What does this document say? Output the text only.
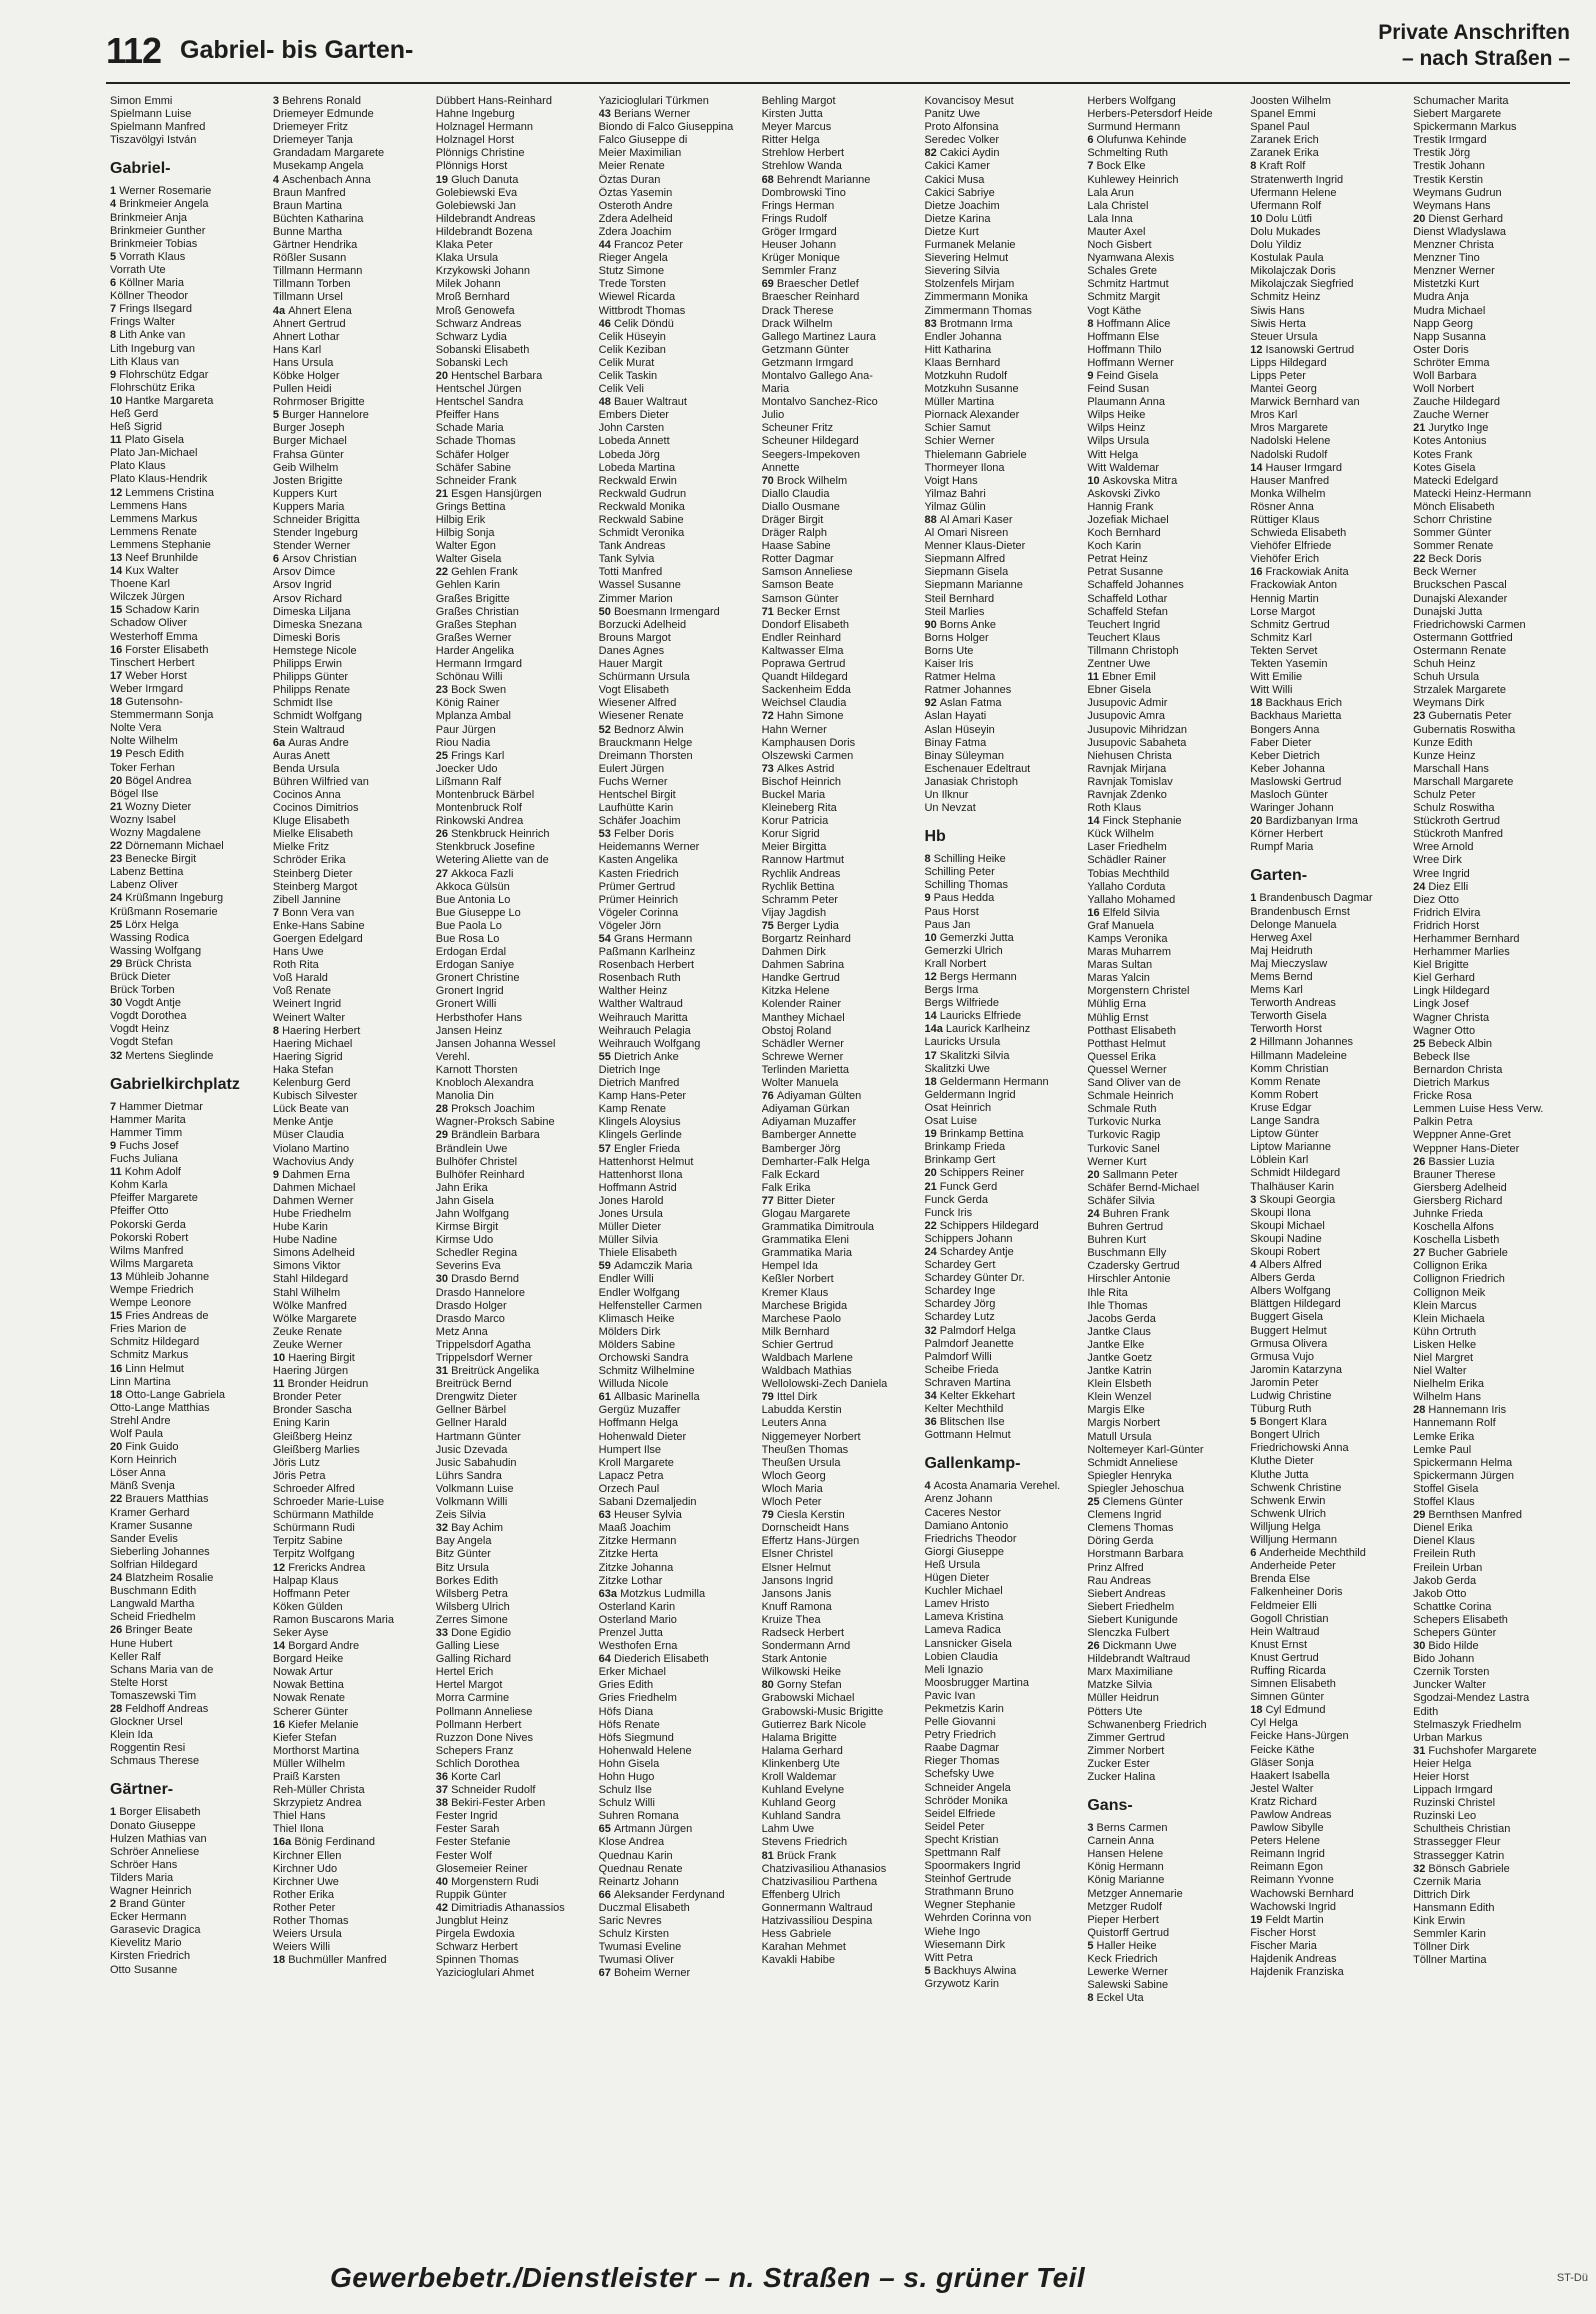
112 Gabriel- bis Garten-
Private Anschriften
– nach Straßen –
Simon Emmi
Spielmann Luise
Spielmann Manfred
Tiszavölgyi István
Gabriel-
1 Werner Rosemarie
4 Brinkmeier Angela
Brinkmeier Anja
Brinkmeier Gunther
Brinkmeier Tobias
5 Vorrath Klaus
Vorrath Ute
6 Köllner Maria
Köllner Theodor
7 Frings Ilsegard
Frings Walter
8 Lith Anke van
Lith Ingeburg van
Lith Klaus van
9 Flohrschütz Edgar
Flohrschütz Erika
10 Hantke Margareta
Heß Gerd
Heß Sigrid
11 Plato Gisela
Plato Jan-Michael
Plato Klaus
Plato Klaus-Hendrik
12 Lemmens Cristina
Lemmens Hans
Lemmens Markus
Lemmens Renate
Lemmens Stephanie
13 Neef Brunhilde
14 Kux Walter
Thoene Karl
Wilczek Jürgen
15 Schadow Karin
Schadow Oliver
Westerhoff Emma
16 Forster Elisabeth
Tinschert Herbert
17 Weber Horst
Weber Irmgard
18 Gutensohn-
Stemmermann Sonja
Nolte Vera
Nolte Wilhelm
19 Pesch Edith
Toker Ferhan
20 Bögel Andrea
Bögel Ilse
21 Wozny Dieter
Wozny Isabel
Wozny Magdalene
22 Dörnemann Michael
23 Benecke Birgit
Labenz Bettina
Labenz Oliver
24 Krüßmann Ingeburg
Krüßmann Rosemarie
25 Lörx Helga
Wassing Rodica
Wassing Wolfgang
29 Brück Christa
Brück Dieter
Brück Torben
30 Vogdt Antje
Vogdt Dorothea
Vogdt Heinz
Vogdt Stefan
32 Mertens Sieglinde
Gabrielkirchplatz
7 Hammer Dietmar
Hammer Marita
Hammer Timm
9 Fuchs Josef
Fuchs Juliana
11 Kohm Adolf
Kohm Karla
Pfeiffer Margarete
Pfeiffer Otto
Pokorski Gerda
Pokorski Robert
Wilms Manfred
Wilms Margareta
13 Mühleib Johanne
Wempe Friedrich
Wempe Leonore
15 Fries Andreas de
Fries Marion de
Schmitz Hildegard
Schmitz Markus
16 Linn Helmut
Linn Martina
18 Otto-Lange Gabriela
Otto-Lange Matthias
Strehl Andre
Wolf Paula
20 Fink Guido
Korn Heinrich
Löser Anna
Mänß Svenja
22 Brauers Matthias
Kramer Gerhard
Kramer Susanne
Sander Evelis
Sieberling Johannes
Solfrian Hildegard
24 Blatzheim Rosalie
Buschmann Edith
Langwald Martha
Scheid Friedhelm
26 Bringer Beate
Hune Hubert
Keller Ralf
Schans Maria van de
Stelte Horst
Tomaszewski Tim
28 Feldhoff Andreas
Glockner Ursel
Klein Ida
Roggentin Resi
Schmaus Therese
Gärtner-
1 Borger Elisabeth
Donato Giuseppe
Hulzen Mathias van
Schröer Anneliese
Schröer Hans
Tilders Maria
Wagner Heinrich
2 Brand Günter
Ecker Hermann
Garasevic Dragica
Kievelitz Mario
Kirsten Friedrich
Otto Susanne
3 Behrens Ronald
Driemeyer Edmunde
Driemeyer Fritz
Driemeyer Tanja
Grandadam Margarete
Musekamp Angela
4 Aschenbach Anna
Braun Manfred
Braun Martina
Büchten Katharina
Bunne Martha
Gärtner Hendrika
Rößler Susann
Tillmann Hermann
Tillmann Torben
Tillmann Ursel
4a Ahnert Elena
Ahnert Gertrud
Ahnert Lothar
Hans Karl
Hans Ursula
Köbke Holger
Pullen Heidi
Rohrmoser Brigitte
5 Burger Hannelore
Burger Joseph
Burger Michael
Frahsa Günter
Geib Wilhelm
Josten Brigitte
Kuppers Kurt
Kuppers Maria
Schneider Brigitta
Stender Ingeburg
Stender Werner
6 Arsov Christian
Arsov Dimce
Arsov Ingrid
Arsov Richard
Dimeska Liljana
Dimeska Snezana
Dimeski Boris
Hemstege Nicole
Philipps Erwin
Philipps Günter
Philipps Renate
Schmidt Ilse
Schmidt Wolfgang
Stein Waltraud
6a Auras Andre
Auras Anett
Benda Ursula
Bühren Wilfried van
Cocinos Anna
Cocinos Dimitrios
Kluge Elisabeth
Mielke Elisabeth
Mielke Fritz
Schröder Erika
Steinberg Dieter
Steinberg Margot
Zibell Jannine
7 Bonn Vera van
Enke-Hans Sabine
Goergen Edelgard
Hans Uwe
Roth Rita
Voß Harald
Voß Renate
Weinert Ingrid
Weinert Walter
8 Haering Herbert
Haering Michael
Haering Sigrid
Haka Stefan
Kelenburg Gerd
Kubisch Silvester
Lück Beate van
Menke Antje
Müser Claudia
Violano Martino
Wachovius Andy
9 Dahmen Erna
Dahmen Michael
Dahmen Werner
Hube Friedhelm
Hube Karin
Hube Nadine
Simons Adelheid
Simons Viktor
Stahl Hildegard
Stahl Wilhelm
Wölke Manfred
Wölke Margarete
Zeuke Renate
Zeuke Werner
10 Haering Birgit
Haering Jürgen
11 Bronder Heidrun
Bronder Peter
Bronder Sascha
Ening Karin
Gleißberg Heinz
Gleißberg Marlies
Jöris Lutz
Jöris Petra
Schroeder Alfred
Schroeder Marie-Luise
Schürmann Mathilde
Schürmann Rudi
Terpitz Sabine
Terpitz Wolfgang
12 Frericks Andrea
Halpap Klaus
Hoffmann Peter
Köken Gülden
Ramon Buscarons Maria
Seker Ayse
14 Borgard Andre
Borgard Heike
Nowak Artur
Nowak Bettina
Nowak Renate
Scherer Günter
16 Kiefer Melanie
Kiefer Stefan
Morthorst Martina
Müller Wilhelm
Praiß Karsten
Reh-Müller Christa
Skrzypietz Andrea
Thiel Hans
Thiel Ilona
16a Bönig Ferdinand
Kirchner Ellen
Kirchner Udo
Kirchner Uwe
Rother Erika
Rother Peter
Rother Thomas
Weiers Ursula
Weiers Willi
18 Buchmüller Manfred
Dübbert Hans-Reinhard
Hahne Ingeburg
Holznagel Hermann
Holznagel Horst
Plönnigs Christine
Plönnigs Horst
19 Gluch Danuta
Golebiewski Eva
Golebiewski Jan
Hildebrandt Andreas
Hildebrandt Bozena
Klaka Peter
Klaka Ursula
Krzykowski Johann
Milek Johann
Mroß Bernhard
Mroß Genowefa
Schwarz Andreas
Schwarz Lydia
Sobanski Elisabeth
Sobanski Lech
20 Hentschel Barbara
Hentschel Jürgen
Hentschel Sandra
Pfeiffer Hans
Schade Maria
Schade Thomas
Schäfer Holger
Schäfer Sabine
Schneider Frank
21 Esgen Hansjürgen
Grings Bettina
Hilbig Erik
Hilbig Sonja
Walter Egon
Walter Gisela
22 Gehlen Frank
Gehlen Karin
Graßes Brigitte
Graßes Christian
Graßes Stephan
Graßes Werner
Harder Angelika
Hermann Irmgard
Schönau Willi
23 Bock Swen
König Rainer
Mplanza Ambal
Paur Jürgen
Riou Nadia
25 Frings Karl
Joecker Udo
Lißmann Ralf
Montenbruck Bärbel
Montenbruck Rolf
Rinkowski Andrea
26 Stenkbruck Heinrich
Stenkbruck Josefine
Wetering Aliette van de
27 Akkoca Fazli
Akkoca Gülsün
Bue Antonia Lo
Bue Giuseppe Lo
Bue Paola Lo
Bue Rosa Lo
Erdogan Erdal
Erdogan Saniye
Gronert Christine
Gronert Ingrid
Gronert Willi
Herbsthofer Hans
Jansen Heinz
Jansen Johanna Wessel
Verehl.
Karnott Thorsten
Knobloch Alexandra
Manolia Din
28 Proksch Joachim
Wagner-Proksch Sabine
29 Brändlein Barbara
Brändlein Uwe
Bulhöfer Christel
Bulhöfer Reinhard
Jahn Erika
Jahn Gisela
Jahn Wolfgang
Kirmse Birgit
Kirmse Udo
Schedler Regina
Severins Eva
30 Drasdo Bernd
Drasdo Hannelore
Drasdo Holger
Drasdo Marco
Metz Anna
Trippelsdorf Agatha
Trippelsdorf Werner
31 Breitrück Angelika
Breitrück Bernd
Drengwitz Dieter
Gellner Bärbel
Gellner Harald
Hartmann Günter
Jusic Dzevada
Jusic Sabahudin
Lührs Sandra
Volkmann Luise
Volkmann Willi
Zeis Silvia
32 Bay Achim
Bay Angela
Bitz Günter
Bitz Ursula
Borkes Edith
Wilsberg Petra
Wilsberg Ulrich
Zerres Simone
33 Done Egidio
Galling Liese
Galling Richard
Hertel Erich
Hertel Margot
Morra Carmine
Pollmann Anneliese
Pollmann Herbert
Ruzzon Done Nives
Schepers Franz
Schlich Dorothea
36 Korte Carl
37 Schneider Rudolf
38 Bekiri-Fester Arben
Fester Ingrid
Fester Sarah
Fester Stefanie
Fester Wolf
Glosemeier Reiner
40 Morgenstern Rudi
Ruppik Günter
42 Dimitriadis Athanassios
Jungblut Heinz
Pirgela Ewdoxia
Schwarz Herbert
Spinnen Thomas
Yazicioglulari Ahmet
Yazicioglulari Türkmen
43 Berians Werner
Biondo di Falco Giuseppina
Falco Giuseppe di
Meier Maximilian
Meier Renate
Öztas Duran
Öztas Yasemin
Osteroth Andre
Zdera Adelheid
Zdera Joachim
44 Francoz Peter
Rieger Angela
Stutz Simone
Trede Torsten
Wiewel Ricarda
Wittbrodt Thomas
46 Celik Döndü
Celik Hüseyin
Celik Keziban
Celik Murat
Celik Taskin
Celik Veli
48 Bauer Waltraut
Embers Dieter
John Carsten
Lobeda Annett
Lobeda Jörg
Lobeda Martina
Reckwald Erwin
Reckwald Gudrun
Reckwald Monika
Reckwald Sabine
Schmidt Veronika
Tank Andreas
Tank Sylvia
Totti Manfred
Wassel Susanne
Zimmer Marion
50 Boesmann Irmengard
Borzucki Adelheid
Brouns Margot
Danes Agnes
Hauer Margit
Schürmann Ursula
Vogt Elisabeth
Wiesener Alfred
Wiesener Renate
52 Bednorz Alwin
Brauckmann Helge
Dreimann Thorsten
Eulert Jürgen
Fuchs Werner
Hentschel Birgit
Laufhütte Karin
Schäfer Joachim
53 Felber Doris
Heidemanns Werner
Kasten Angelika
Kasten Friedrich
Prümer Gertrud
Prümer Heinrich
Vögeler Corinna
Vögeler Jörn
54 Grans Hermann
Paßmann Karlheinz
Rosenbach Herbert
Rosenbach Ruth
Walther Heinz
Walther Waltraud
Weihrauch Maritta
Weihrauch Pelagia
Weihrauch Wolfgang
55 Dietrich Anke
Dietrich Inge
Dietrich Manfred
Kamp Hans-Peter
Kamp Renate
Klingels Aloysius
Klingels Gerlinde
57 Engler Frieda
Hattenhorst Helmut
Hattenhorst Ilona
Hoffmann Astrid
Jones Harold
Jones Ursula
Müller Dieter
Müller Silvia
Thiele Elisabeth
59 Adamczik Maria
Endler Willi
Endler Wolfgang
Helfensteller Carmen
Klimasch Heike
Mölders Dirk
Mölders Sabine
Orchowski Sandra
Schmitz Wilhelmine
Willuda Nicole
61 Allbasic Marinella
Gergüz Muzaffer
Hoffmann Helga
Hohenwald Dieter
Humpert Ilse
Kroll Margarete
Lapacz Petra
Orzech Paul
Sabani Dzemaljedin
63 Heuser Sylvia
Maaß Joachim
Zitzke Hermann
Zitzke Herta
Zitzke Johanna
Zitzke Lothar
63a Motzkus Ludmilla
Osterland Karin
Osterland Mario
Prenzel Jutta
Westhofen Erna
64 Diederich Elisabeth
Erker Michael
Gries Edith
Gries Friedhelm
Höfs Diana
Höfs Renate
Höfs Siegmund
Hohenwald Helene
Hohn Gisela
Hohn Hugo
Schulz Ilse
Schulz Willi
Suhren Romana
65 Artmann Jürgen
Klose Andrea
Quednau Karin
Quednau Renate
Reinartz Johann
66 Aleksander Ferdynand
Duczmal Elisabeth
Saric Nevres
Schulz Kirsten
Twumasi Eveline
Twumasi Oliver
67 Boheim Werner
Behling Margot
Kirsten Jutta
Meyer Marcus
Ritter Helga
Strehlow Herbert
Strehlow Wanda
68 Behrendt Marianne
Dombrowski Tino
Frings Herman
Frings Rudolf
Gröger Irmgard
Heuser Johann
Krüger Monique
Semmler Franz
69 Braescher Detlef
Braescher Reinhard
Drack Therese
Drack Wilhelm
Gallego Martinez Laura
Getzmann Günter
Getzmann Irmgard
Montalvo Gallego Ana-
Maria
Montalvo Sanchez-Rico
Julio
Scheuner Fritz
Scheuner Hildegard
Seegers-Impekoven
Annette
70 Brock Wilhelm
Diallo Claudia
Diallo Ousmane
Dräger Birgit
Dräger Ralph
Haase Sabine
Rotter Dagmar
Samson Anneliese
Samson Beate
Samson Günter
71 Becker Ernst
Dondorf Elisabeth
Endler Reinhard
Kaltwasser Elma
Poprawa Gertrud
Quandt Hildegard
Sackenheim Edda
Weichsel Claudia
72 Hahn Simone
Hahn Werner
Kamphausen Doris
Olszewski Carmen
73 Alkes Astrid
Bischof Heinrich
Buckel Maria
Kleineberg Rita
Korur Patricia
Korur Sigrid
Meier Birgitta
Rannow Hartmut
Rychlik Andreas
Rychlik Bettina
Schramm Peter
Vijay Jagdish
75 Berger Lydia
Borgartz Reinhard
Dahmen Dirk
Dahmen Sabrina
Handke Gertrud
Kitzka Helene
Kolender Rainer
Manthey Michael
Obstoj Roland
Schädler Werner
Schrewe Werner
Terlinden Marietta
Wolter Manuela
76 Adiyaman Gülten
Adiyaman Gürkan
Adiyaman Muzaffer
Bamberger Annette
Bamberger Jörg
Demharter-Falk Helga
Falk Eckard
Falk Erika
77 Bitter Dieter
Glogau Margarete
Grammatika Dimitroula
Grammatika Eleni
Grammatika Maria
Hempel Ida
Keßler Norbert
Kremer Klaus
Marchese Brigida
Marchese Paolo
Milk Bernhard
Schier Gertrud
Waldbach Marlene
Waldbach Mathias
Wellolowski-Zech Daniela
79 Ittel Dirk
Labudda Kerstin
Leuters Anna
Niggemeyer Norbert
Theußen Thomas
Theußen Ursula
Wloch Georg
Wloch Maria
Wloch Peter
79 Ciesla Kerstin
Dornscheidt Hans
Effertz Hans-Jürgen
Elsner Christel
Elsner Helmut
Jansons Ingrid
Jansons Janis
Knuff Ramona
Kruize Thea
Radseck Herbert
Sondermann Arnd
Stark Antonie
Wilkowski Heike
80 Gorny Stefan
Grabowski Michael
Grabowski-Music Brigitte
Gutierrez Bark Nicole
Halama Brigitte
Halama Gerhard
Klinkenberg Ute
Kroll Waldemar
Kuhland Evelyne
Kuhland Georg
Kuhland Sandra
Lahm Uwe
Stevens Friedrich
81 Brück Frank
Chatzivasiliou Athanasios
Chatzivasiliou Parthena
Effenberg Ulrich
Gonnermann Waltraud
Hatzivassiliou Despina
Hess Gabriele
Karahan Mehmet
Kavakli Habibe
Kovancisoy Mesut
Panitz Uwe
Proto Alfonsina
Seredec Volker
82 Cakici Aydin
Cakici Kamer
Cakici Musa
Cakici Sabriye
Dietze Joachim
Dietze Karina
Dietze Kurt
Furmanek Melanie
Sievering Helmut
Sievering Silvia
Stolzenfels Mirjam
Zimmermann Monika
Zimmermann Thomas
83 Brotmann Irma
Endler Johanna
Hitt Katharina
Klaas Bernhard
Motzkuhn Rudolf
Motzkuhn Susanne
Müller Martina
Piornack Alexander
Schier Samut
Schier Werner
Thielemann Gabriele
Thormeyer Ilona
Voigt Hans
Yilmaz Bahri
Yilmaz Gülin
88 Al Amari Kaser
Al Omari Nisreen
Menner Klaus-Dieter
Siepmann Alfred
Siepmann Gisela
Siepmann Marianne
Steil Bernhard
Steil Marlies
90 Borns Anke
Borns Holger
Borns Ute
Kaiser Iris
Ratmer Helma
Ratmer Johannes
92 Aslan Fatma
Aslan Hayati
Aslan Hüseyin
Binay Fatma
Binay Süleyman
Eschenauer Edeltraut
Janasiak Christoph
Un Ilknur
Un Nevzat
Hb
8 Schilling Heike
Schilling Peter
Schilling Thomas
9 Paus Hedda
Paus Horst
Paus Jan
10 Gemerzki Jutta
Gemerzki Ulrich
Krall Norbert
12 Bergs Hermann
Bergs Irma
Bergs Wilfriede
14 Lauricks Elfriede
14a Laurick Karlheinz
Lauricks Ursula
17 Skalitzki Silvia
Skalitzki Uwe
18 Geldermann Hermann
Geldermann Ingrid
Osat Heinrich
Osat Luise
19 Brinkamp Bettina
Brinkamp Frieda
Brinkamp Gert
20 Schippers Reiner
21 Funck Gerd
Funck Gerda
Funck Iris
22 Schippers Hildegard
Schippers Johann
24 Schardey Antje
Schardey Gert
Schardey Günter Dr.
Schardey Inge
Schardey Jörg
Schardey Lutz
32 Palmdorf Helga
Palmdorf Jeanette
Palmdorf Willi
Scheibe Frieda
Schraven Martina
34 Kelter Ekkehart
Kelter Mechthild
36 Blitschen Ilse
Gottmann Helmut
Gallenkamp-
4 Acosta Anamaria Verehel.
Arenz Johann
Caceres Nestor
Damiano Antonio
Friedrichs Theodor
Giorgi Giuseppe
Heß Ursula
Hügen Dieter
Kuchler Michael
Lamev Hristo
Lameva Kristina
Lameva Radica
Lansnicker Gisela
Lobien Claudia
Meli Ignazio
Moosbrugger Martina
Pavic Ivan
Pekmetzis Karin
Pelle Giovanni
Petry Friedrich
Raabe Dagmar
Rieger Thomas
Schefsky Uwe
Schneider Angela
Schröder Monika
Seidel Elfriede
Seidel Peter
Specht Kristian
Spettmann Ralf
Spoormakers Ingrid
Steinhof Gertrude
Strathmann Bruno
Wegner Stephanie
Wehrden Corinna von
Wiehe Ingo
Wiesemann Dirk
Witt Petra
5 Backhuys Alwina
Grzywotz Karin
Herbers Wolfgang
Herbers-Petersdorf Heide
Surmund Hermann
6 Olufunwa Kehinde
Schmelting Ruth
7 Bock Elke
Kuhlewey Heinrich
Lala Arun
Lala Christel
Lala Inna
Mauter Axel
Noch Gisbert
Nyamwana Alexis
Schales Grete
Schmitz Hartmut
Schmitz Margit
Vogt Käthe
8 Hoffmann Alice
Hoffmann Else
Hoffmann Thilo
Hoffmann Werner
9 Feind Gisela
Feind Susan
Plaumann Anna
Wilps Heike
Wilps Heinz
Wilps Ursula
Witt Helga
Witt Waldemar
10 Askovska Mitra
Askovski Zivko
Hannig Frank
Jozefiak Michael
Koch Bernhard
Koch Karin
Petrat Heinz
Petrat Susanne
Schaffeld Johannes
Schaffeld Lothar
Schaffeld Stefan
Teuchert Ingrid
Teuchert Klaus
Tillmann Christoph
Zentner Uwe
11 Ebner Emil
Ebner Gisela
Jusupovic Admir
Jusupovic Amra
Jusupovic Mihridzan
Jusupovic Sabaheta
Niehusen Christa
Ravnjak Mirjana
Ravnjak Tomislav
Ravnjak Zdenko
Roth Klaus
14 Finck Stephanie
Kück Wilhelm
Laser Friedhelm
Schädler Rainer
Tobias Mechthild
Yallaho Corduta
Yallaho Mohamed
16 Elfeld Silvia
Graf Manuela
Kamps Veronika
Maras Muharrem
Maras Sultan
Maras Yalcin
Morgenstern Christel
Mühlig Erna
Mühlig Ernst
Potthast Elisabeth
Potthast Helmut
Quessel Erika
Quessel Werner
Sand Oliver van de
Schmale Heinrich
Schmale Ruth
Turkovic Nurka
Turkovic Ragip
Turkovic Sanel
Werner Kurt
20 Sallmann Peter
Schäfer Bernd-Michael
Schäfer Silvia
24 Buhren Frank
Buhren Gertrud
Buhren Kurt
Buschmann Elly
Czadersky Gertrud
Hirschler Antonie
Ihle Rita
Ihle Thomas
Jacobs Gerda
Jantke Claus
Jantke Elke
Jantke Goetz
Jantke Katrin
Klein Elsbeth
Klein Wenzel
Margis Elke
Margis Norbert
Matull Ursula
Noltemeyer Karl-Günter
Schmidt Anneliese
Spiegler Henryka
Spiegler Jehoschua
25 Clemens Günter
Clemens Ingrid
Clemens Thomas
Döring Gerda
Horstmann Barbara
Prinz Alfred
Rau Andreas
Siebert Andreas
Siebert Friedhelm
Siebert Kunigunde
Slenczka Fulbert
26 Dickmann Uwe
Hildebrandt Waltraud
Marx Maximiliane
Matzke Silvia
Müller Heidrun
Pötters Ute
Schwanenberg Friedrich
Zimmer Gertrud
Zimmer Norbert
Zucker Ester
Zucker Halina
Gans-
3 Berns Carmen
Carnein Anna
Hansen Helene
König Hermann
König Marianne
Metzger Annemarie
Metzger Rudolf
Pieper Herbert
Quistorff Gertrud
5 Haller Heike
Keck Friedrich
Lewerke Werner
Salewski Sabine
8 Eckel Uta
Joosten Wilhelm
Spanel Emmi
Spanel Paul
Zaranek Erich
Zaranek Erika
8 Kraft Rolf
Stratenwerth Ingrid
Ufermann Helene
Ufermann Rolf
10 Dolu Lütfi
Dolu Mukades
Dolu Yildiz
Kostulak Paula
Mikolajczak Doris
Mikolajczak Siegfried
Schmitz Heinz
Siwis Hans
Siwis Herta
Steuer Ursula
12 Isanowski Gertrud
Lipps Hildegard
Lipps Peter
Mantei Georg
Marwick Bernhard van
Mros Karl
Mros Margarete
Nadolski Helene
Nadolski Rudolf
14 Hauser Irmgard
Hauser Manfred
Monka Wilhelm
Rösner Anna
Rüttiger Klaus
Schwieda Elisabeth
Viehöfer Elfriede
Viehöfer Erich
16 Frackowiak Anita
Frackowiak Anton
Hennig Martin
Lorse Margot
Schmitz Gertrud
Schmitz Karl
Tekten Servet
Tekten Yasemin
Witt Emilie
Witt Willi
18 Backhaus Erich
Backhaus Marietta
Bongers Anna
Faber Dieter
Keber Dietrich
Keber Johanna
Maslowski Gertrud
Masloch Günter
Waringer Johann
20 Bardizbanyan Irma
Körner Herbert
Rumpf Maria
Garten-
1 Brandenbusch Dagmar
Brandenbusch Ernst
Delonge Manuela
Herweg Axel
Maj Heidruth
Maj Mieczyslaw
Mems Bernd
Mems Karl
Terworth Andreas
Terworth Gisela
Terworth Horst
2 Hillmann Johannes
Hillmann Madeleine
Komm Christian
Komm Renate
Komm Robert
Kruse Edgar
Lange Sandra
Liptow Günter
Liptow Marianne
Löblein Karl
Schmidt Hildegard
Thalhäuser Karin
3 Skoupi Georgia
Skoupi Ilona
Skoupi Michael
Skoupi Nadine
Skoupi Robert
4 Albers Alfred
Albers Gerda
Albers Wolfgang
Blättgen Hildegard
Buggert Gisela
Buggert Helmut
Grmusa Olivera
Grmusa Vujo
Jaromin Katarzyna
Jaromin Peter
Ludwig Christine
Tüburg Ruth
5 Bongert Klara
Bongert Ulrich
Friedrichowski Anna
Kluthe Dieter
Kluthe Jutta
Schwenk Christine
Schwenk Erwin
Schwenk Ulrich
Willjung Helga
Willjung Hermann
6 Anderheide Mechthild
Anderheide Peter
Brenda Else
Falkenheiner Doris
Feldmeier Elli
Gogoll Christian
Hein Waltraud
Knust Ernst
Knust Gertrud
Ruffing Ricarda
Simnen Elisabeth
Simnen Günter
18 Cyl Edmund
Cyl Helga
Feicke Hans-Jürgen
Feicke Käthe
Gläser Sonja
Haakert Isabella
Jestel Walter
Kratz Richard
Pawlow Andreas
Pawlow Sibylle
Peters Helene
Reimann Ingrid
Reimann Egon
Reimann Yvonne
Wachowski Bernhard
Wachowski Ingrid
19 Feldt Martin
Fischer Horst
Fischer Maria
Hajdenik Andreas
Hajdenik Franziska
Schumacher Marita
Siebert Margarete
Spickermann Markus
Trestik Irmgard
Trestik Jörg
Trestik Johann
Trestik Kerstin
Weymans Gudrun
Weymans Hans
20 Dienst Gerhard
Dienst Wladyslawa
Menzner Christa
Menzner Tino
Menzner Werner
Mistetzki Kurt
Mudra Anja
Mudra Michael
Napp Georg
Napp Susanna
Oster Doris
Schröter Emma
Woll Barbara
Woll Norbert
Zauche Hildegard
Zauche Werner
21 Jurytko Inge
Kotes Antonius
Kotes Frank
Kotes Gisela
Matecki Edelgard
Matecki Heinz-Hermann
Mönch Elisabeth
Schorr Christine
Sommer Günter
Sommer Renate
22 Beck Doris
Beck Werner
Bruckschen Pascal
Dunajski Alexander
Dunajski Jutta
Friedrichowski Carmen
Ostermann Gottfried
Ostermann Renate
Schuh Heinz
Schuh Ursula
Strzalek Margarete
Weymans Dirk
23 Gubernatis Peter
Gubernatis Roswitha
Kunze Edith
Kunze Heinz
Marschall Hans
Marschall Margarete
Schulz Peter
Schulz Roswitha
Stückroth Gertrud
Stückroth Manfred
Wree Arnold
Wree Dirk
Wree Ingrid
24 Diez Elli
Diez Otto
Fridrich Elvira
Fridrich Horst
Herhammer Bernhard
Herhammer Marlies
Kiel Brigitte
Kiel Gerhard
Lingk Hildegard
Lingk Josef
Wagner Christa
Wagner Otto
25 Bebeck Albin
Bebeck Ilse
Bernardon Christa
Dietrich Markus
Fricke Rosa
Lemmen Luise Hess Verw.
Palkin Petra
Weppner Anne-Gret
Weppner Hans-Dieter
26 Bassier Luzia
Brauner Therese
Giersberg Adelheid
Giersberg Richard
Juhnke Frieda
Koschella Alfons
Koschella Lisbeth
27 Bucher Gabriele
Collignon Erika
Collignon Friedrich
Collignon Meik
Klein Marcus
Klein Michaela
Kühn Ortruth
Lisken Helke
Niel Margret
Niel Walter
Nielhelm Erika
Wilhelm Hans
28 Hannemann Iris
Hannemann Rolf
Lemke Erika
Lemke Paul
Spickermann Helma
Spickermann Jürgen
Stoffel Gisela
Stoffel Klaus
29 Bernthsen Manfred
Dienel Erika
Dienel Klaus
Freilein Ruth
Freilein Urban
Jakob Gerda
Jakob Otto
Schattke Corina
Schepers Elisabeth
Schepers Günter
30 Bido Hilde
Bido Johann
Czernik Torsten
Juncker Walter
Sgodzai-Mendez Lastra
Edith
Stelmaszyk Friedhelm
Urban Markus
31 Fuchshofer Margarete
Heier Helga
Heier Horst
Lippach Irmgard
Ruzinski Christel
Ruzinski Leo
Schultheis Christian
Strassegger Fleur
Strassegger Katrin
32 Bönsch Gabriele
Czernik Maria
Dittrich Dirk
Hansmann Edith
Kink Erwin
Semmler Karin
Töllner Dirk
Töllner Martina
Gewerbebetr./Dienstleister – n. Straßen – s. grüner Teil	ST-Dü
